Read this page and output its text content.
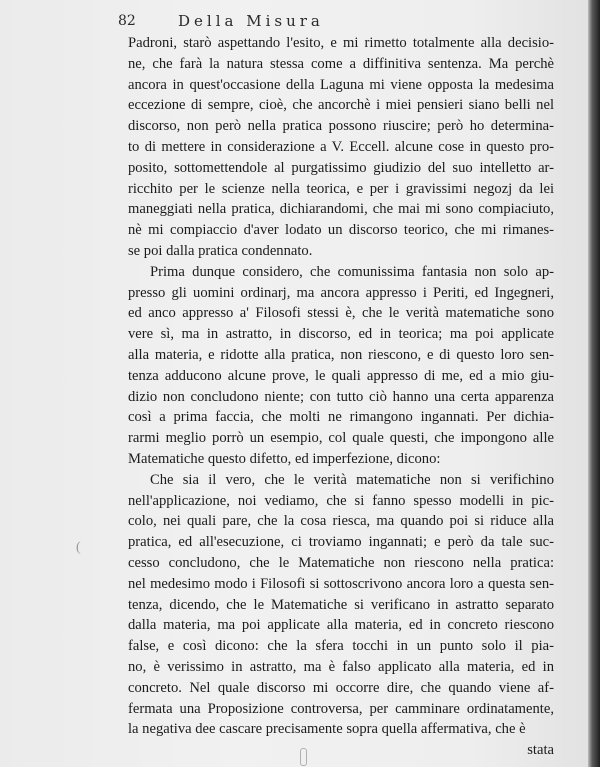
82	Della Misura
Padroni, starò aspettando l'esito, e mi rimetto totalmente alla decisio-
ne, che farà la natura stessa come a diffinitiva sentenza. Ma perchè
ancora in quest'occasione della Laguna mi viene opposta la medesima
eccezione di sempre, cioè, che ancorchè i miei pensieri siano belli nel
discorso, non però nella pratica possono riuscire; però ho determina-
to di mettere in considerazione a V. Eccell. alcune cose in questo pro-
posito, sottomettendole al purgatissimo giudizio del suo intelletto ar-
ricchito per le scienze nella teorica, e per i gravissimi negozj da lei
maneggiati nella pratica, dichiarandomi, che mai mi sono compiaciuto,
nè mi compiaccio d'aver lodato un discorso teorico, che mi rimanes-
se poi dalla pratica condennato.
Prima dunque considero, che comunissima fantasia non solo ap-
presso gli uomini ordinarj, ma ancora appresso i Periti, ed Ingegneri,
ed anco appresso a' Filosofi stessi è, che le verità matematiche sono
vere sì, ma in astratto, in discorso, ed in teorica; ma poi applicate
alla materia, e ridotte alla pratica, non riescono, e di questo loro sen-
tenza adducono alcune prove, le quali appresso di me, ed a mio giu-
dizio non concludono niente; con tutto ciò hanno una certa apparenza
così a prima faccia, che molti ne rimangono ingannati. Per dichia-
rarmi meglio porrò un esempio, col quale questi, che impongono alle
Matematiche questo difetto, ed imperfezione, dicono:
Che sia il vero, che le verità matematiche non si verifichino
nell'applicazione, noi vediamo, che si fanno spesso modelli in pic-
colo, nei quali pare, che la cosa riesca, ma quando poi si riduce alla
pratica, ed all'esecuzione, ci troviamo ingannati; e però da tale suc-
cesso concludono, che le Matematiche non riescono nella pratica:
nel medesimo modo i Filosofi si sottoscrivono ancora loro a questa sen-
tenza, dicendo, che le Matematiche si verificano in astratto separato
dalla materia, ma poi applicate alla materia, ed in concreto riescono
false, e così dicono: che la sfera tocchi in un punto solo il pia-
no, è verissimo in astratto, ma è falso applicato alla materia, ed in
concreto. Nel quale discorso mi occorre dire, che quando viene af-
fermata una Proposizione controversa, per camminare ordinatamente,
la negativa dee cascare precisamente sopra quella affermativa, che è
stata
(
